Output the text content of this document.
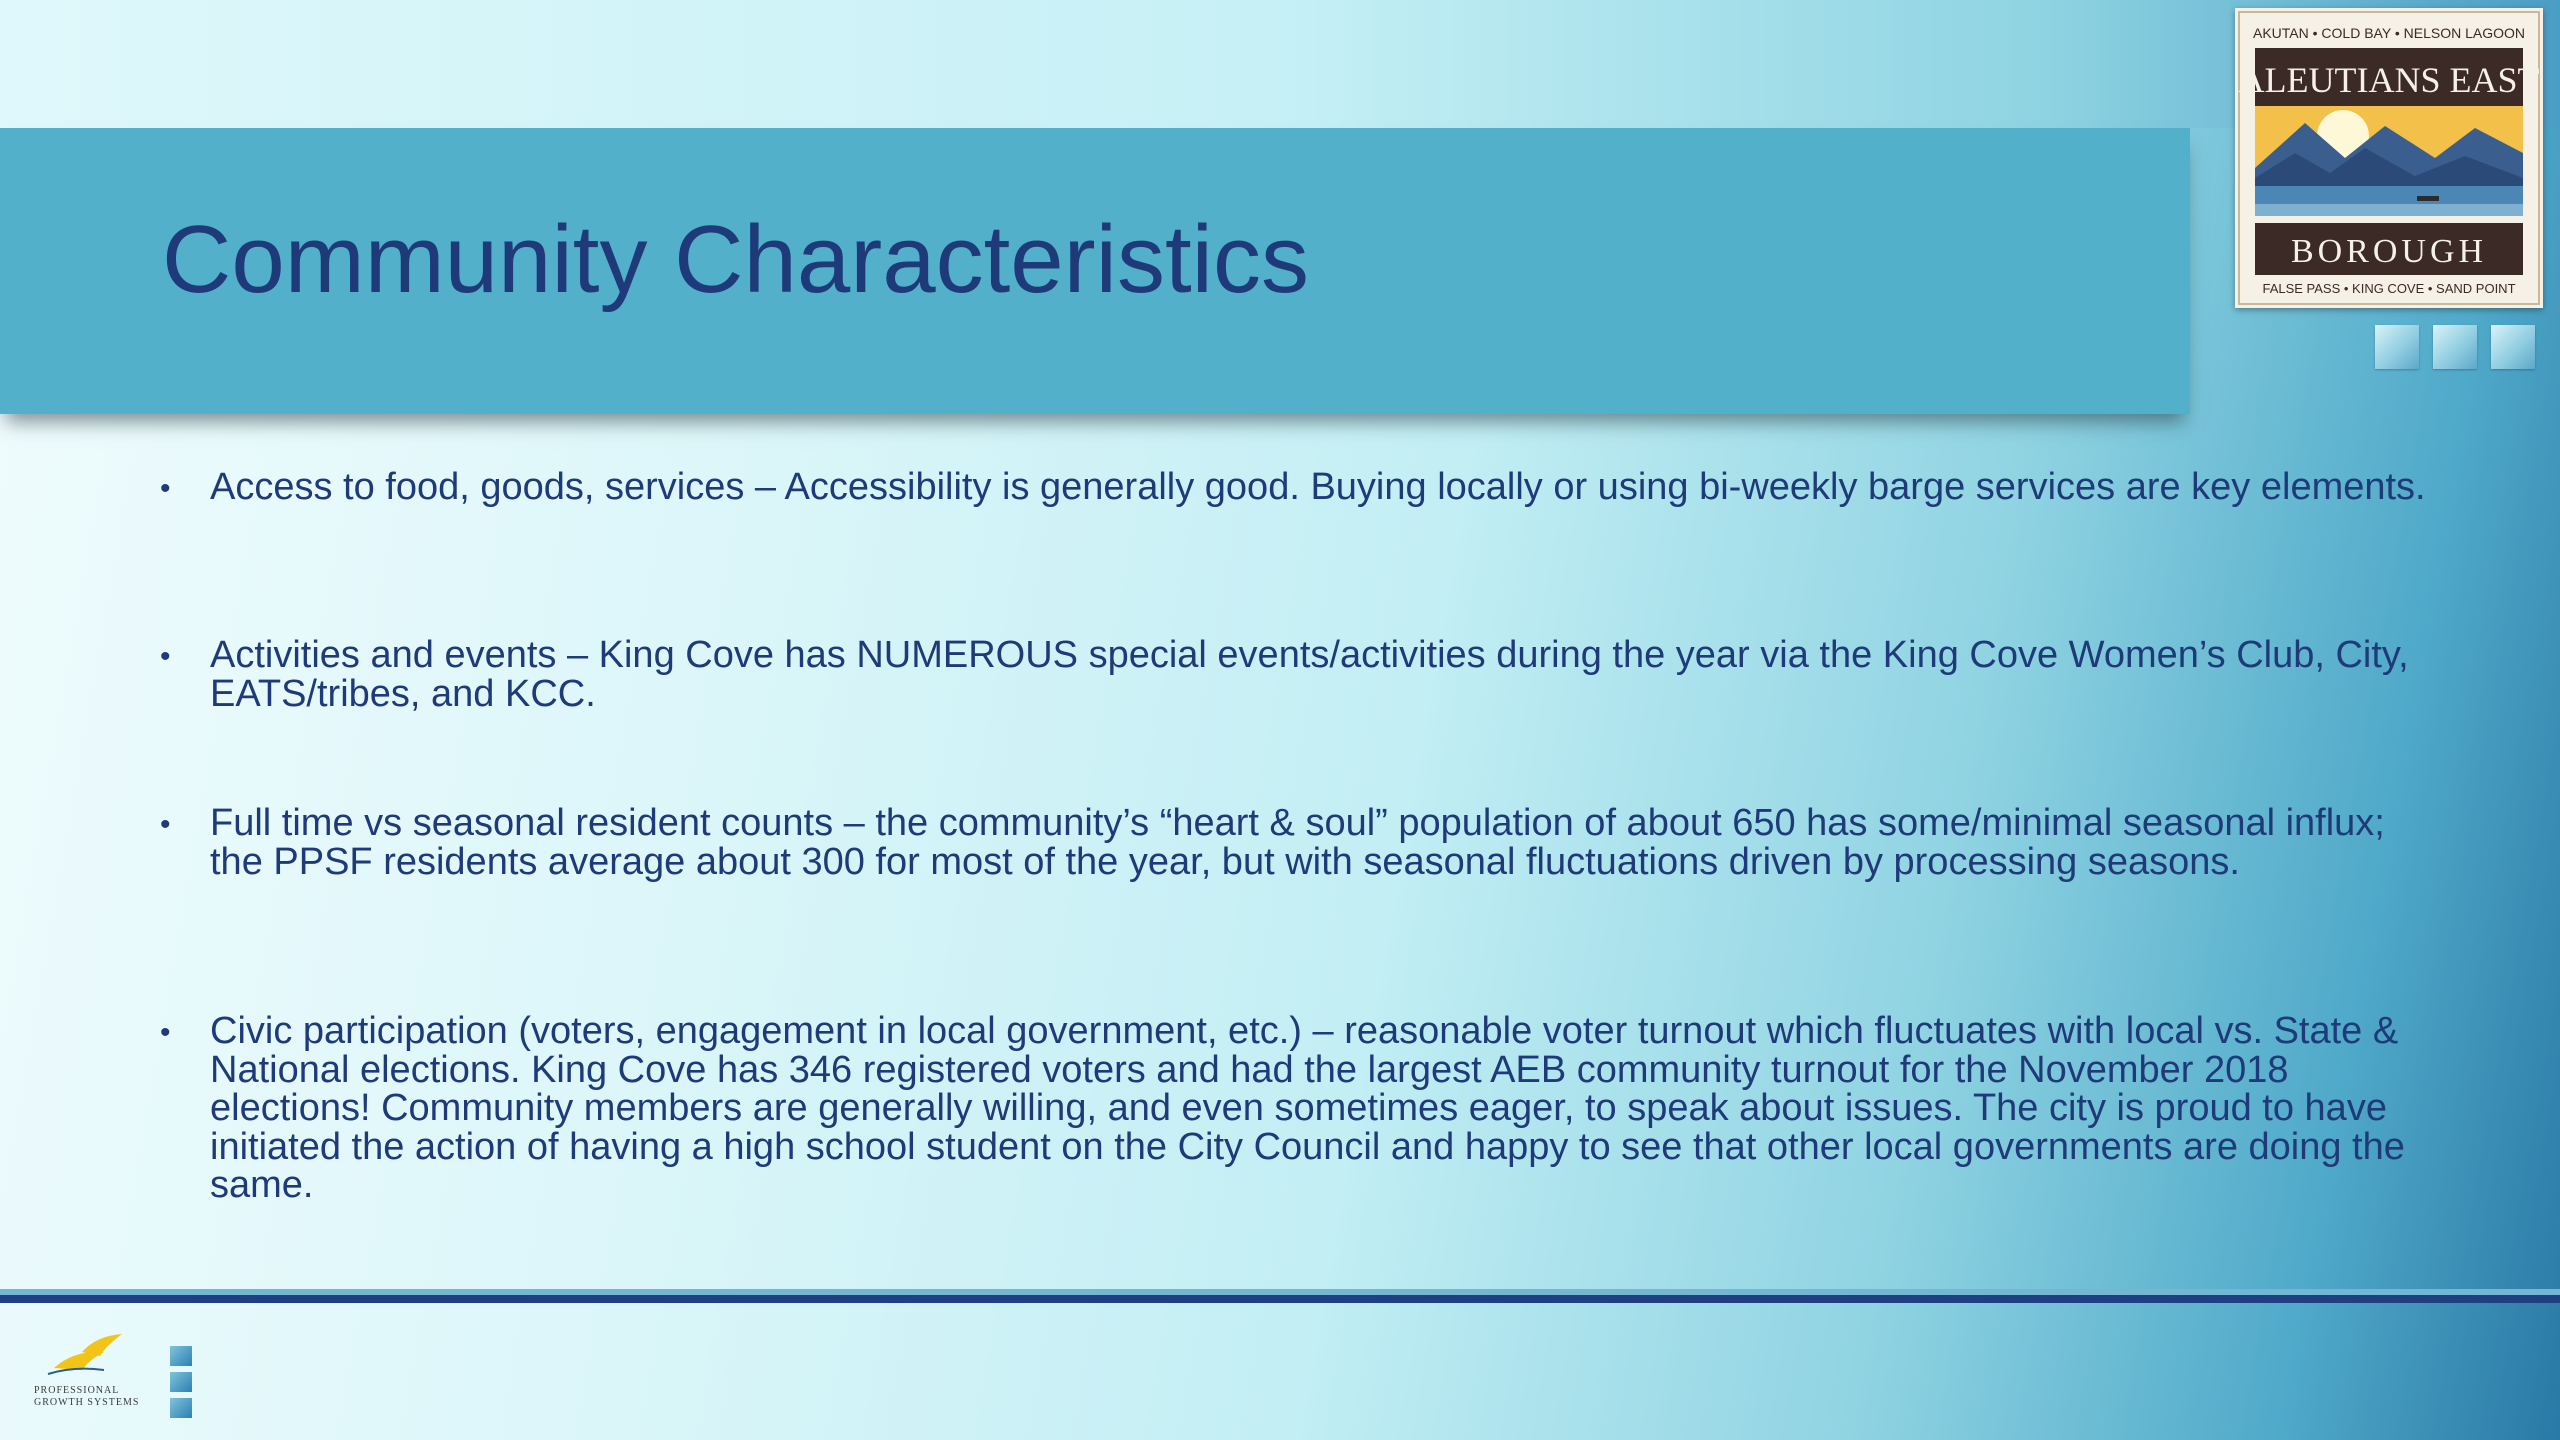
Community Characteristics
AKUTAN • COLD BAY • NELSON LAGOON
ALEUTIANS EAST
BOROUGH
FALSE PASS • KING COVE • SAND POINT
• Access to food, goods, services – Accessibility is generally good. Buying locally or using bi-weekly barge services are key elements.
• Activities and events – King Cove has NUMEROUS special events/activities during the year via the King Cove Women’s Club, City, EATS/tribes, and KCC.
• Full time vs seasonal resident counts – the community’s “heart & soul” population of about 650 has some/minimal seasonal influx; the PPSF residents average about 300 for most of the year, but with seasonal fluctuations driven by processing seasons.
• Civic participation (voters, engagement in local government, etc.) – reasonable voter turnout which fluctuates with local vs. State & National elections. King Cove has 346 registered voters and had the largest AEB community turnout for the November 2018 elections! Community members are generally willing, and even sometimes eager, to speak about issues. The city is proud to have initiated the action of having a high school student on the City Council and happy to see that other local governments are doing the same.
PROFESSIONAL
GROWTH SYSTEMS
